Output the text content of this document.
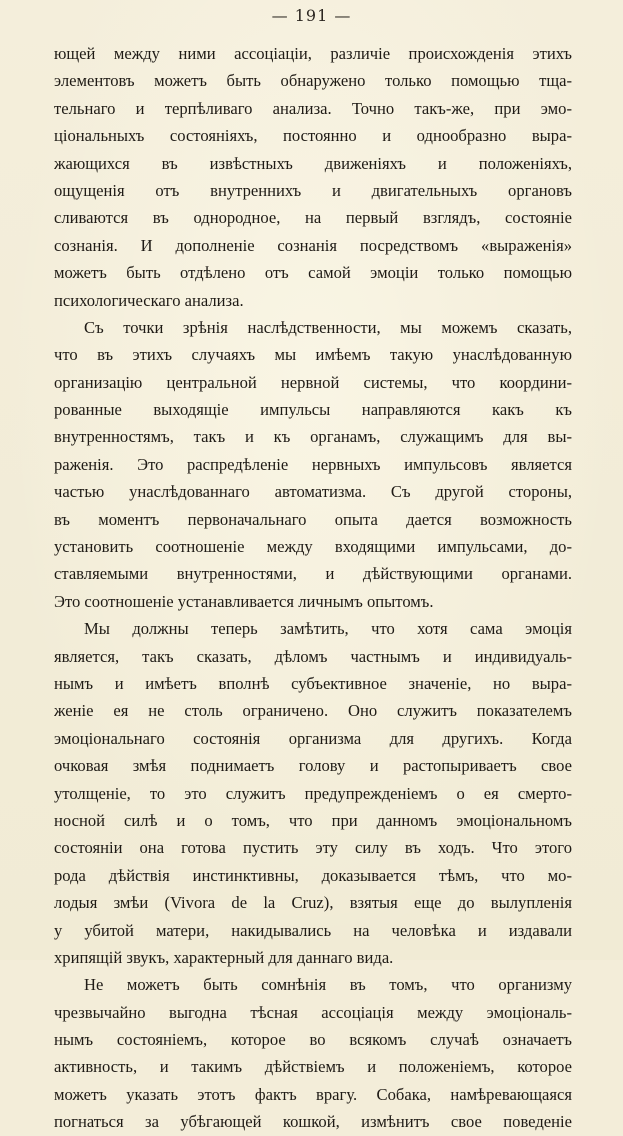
— 191 —
ющей между ними ассоціаціи, различіе происхожденія этихъ
элементовъ можетъ быть обнаружено только помощью тща-
тельнаго и терпѣливаго анализа. Точно такъ-же, при эмо-
ціональныхъ состояніяхъ, постоянно и однообразно выра-
жающихся въ извѣстныхъ движеніяхъ и положеніяхъ,
ощущенія отъ внутреннихъ и двигательныхъ органовъ
сливаются въ однородное, на первый взглядъ, состояніе
сознанія. И дополненіе сознанія посредствомъ «выраженія»
можетъ быть отдѣлено отъ самой эмоціи только помощью
психологическаго анализа.
Съ точки зрѣнія наслѣдственности, мы можемъ сказать,
что въ этихъ случаяхъ мы имѣемъ такую унаслѣдованную
организацію центральной нервной системы, что координи-
рованные выходящіе импульсы направляются какъ къ
внутренностямъ, такъ и къ органамъ, служащимъ для вы-
раженія. Это распредѣленіе нервныхъ импульсовъ является
частью унаслѣдованнаго автоматизма. Съ другой стороны,
въ моментъ первоначальнаго опыта дается возможность
установить соотношеніе между входящими импульсами, до-
ставляемыми внутренностями, и дѣйствующими органами.
Это соотношеніе устанавливается личнымъ опытомъ.
Мы должны теперь замѣтить, что хотя сама эмоція
является, такъ сказать, дѣломъ частнымъ и индивидуаль-
нымъ и имѣетъ вполнѣ субъективное значеніе, но выра-
женіе ея не столь ограничено. Оно служитъ показателемъ
эмоціональнаго состоянія организма для другихъ. Когда
очковая змѣя поднимаетъ голову и растопыриваетъ свое
утолщеніе, то это служитъ предупрежденіемъ о ея смерто-
носной силѣ и о томъ, что при данномъ эмоціональномъ
состояніи она готова пустить эту силу въ ходъ. Что этого
рода дѣйствія инстинктивны, доказывается тѣмъ, что мо-
лодыя змѣи (Vivora de la Cruz), взятыя еще до вылупленія
у убитой матери, накидывались на человѣка и издавали
хрипящій звукъ, характерный для даннаго вида.
Не можетъ быть сомнѣнія въ томъ, что организму
чрезвычайно выгодна тѣсная ассоціація между эмоціональ-
нымъ состояніемъ, которое во всякомъ случаѣ означаетъ
активность, и такимъ дѣйствіемъ и положеніемъ, которое
можетъ указать этотъ фактъ врагу. Собака, намѣревающаяся
погнаться за убѣгающей кошкой, измѣнитъ свое поведеніе
